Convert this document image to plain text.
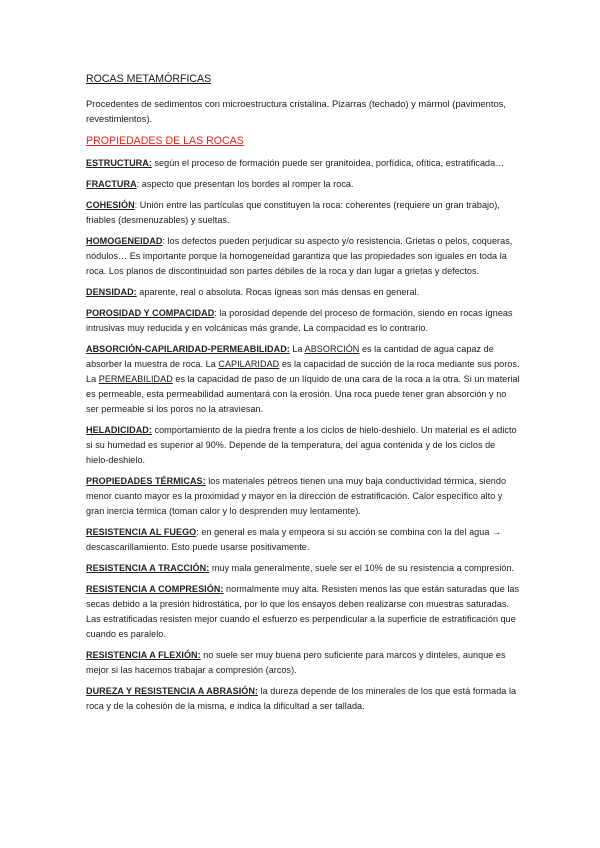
ROCAS METAMÓRFICAS

Procedentes de sedimentos con microestructura cristalina. Pizarras (techado) y mármol (pavimentos, revestimientos).

PROPIEDADES DE LAS ROCAS

ESTRUCTURA: según el proceso de formación puede ser granitoidea, porfídica, ofítica, estratificada…

FRACTURA: aspecto que presentan los bordes al romper la roca.

COHESIÓN: Unión entre las partículas que constituyen la roca: coherentes (requiere un gran trabajo), friables (desmenuzables) y sueltas.

HOMOGENEIDAD: los defectos pueden perjudicar su aspecto y/o resistencia. Grietas o pelos, coqueras, nódulos… Es importante porque la homogeneidad garantiza que las propiedades son iguales en toda la roca. Los planos de discontinuidad son partes débiles de la roca y dan lugar a grietas y defectos.

DENSIDAD: aparente, real o absoluta. Rocas ígneas son más densas en general.

POROSIDAD Y COMPACIDAD: la porosidad depende del proceso de formación, siendo en rocas ígneas intrusivas muy reducida y en volcánicas más grande. La compacidad es lo contrario.

ABSORCIÓN-CAPILARIDAD-PERMEABILIDAD: La ABSORCIÓN es la cantidad de agua capaz de absorber la muestra de roca. La CAPILARIDAD es la capacidad de succión de la roca mediante sus poros. La PERMEABILIDAD es la capacidad de paso de un líquido de una cara de la roca a la otra. Si un material es permeable, esta permeabilidad aumentará con la erosión. Una roca puede tener gran absorción y no ser permeable si los poros no la atraviesan.

HELADICIDAD: comportamiento de la piedra frente a los ciclos de hielo-deshielo. Un material es el adicto si su humedad es superior al 90%. Depende de la temperatura, del agua contenida y de los ciclos de hielo-deshielo.

PROPIEDADES TÉRMICAS: los materiales pétreos tienen una muy baja conductividad térmica, siendo menor cuanto mayor es la proximidad y mayor en la dirección de estratificación. Calor específico alto y gran inercia térmica (toman calor y lo desprenden muy lentamente).

RESISTENCIA AL FUEGO: en general es mala y empeora si su acción se combina con la del agua → descascarillamiento. Esto puede usarse positivamente.

RESISTENCIA A TRACCIÓN: muy mala generalmente, suele ser el 10% de su resistencia a compresión.

RESISTENCIA A COMPRESIÓN: normalmente muy alta. Resisten menos las que están saturadas que las secas debido a la presión hidrostática, por lo que los ensayos deben realizarse con muestras saturadas. Las estratificadas resisten mejor cuando el esfuerzo es perpendicular a la superficie de estratificación que cuando es paralelo.

RESISTENCIA A FLEXIÓN: no suele ser muy buena pero suficiente para marcos y dinteles, aunque es mejor si las hacemos trabajar a compresión (arcos).

DUREZA Y RESISTENCIA A ABRASIÓN: la dureza depende de los minerales de los que está formada la roca y de la cohesión de la misma, e indica la dificultad a ser tallada.
